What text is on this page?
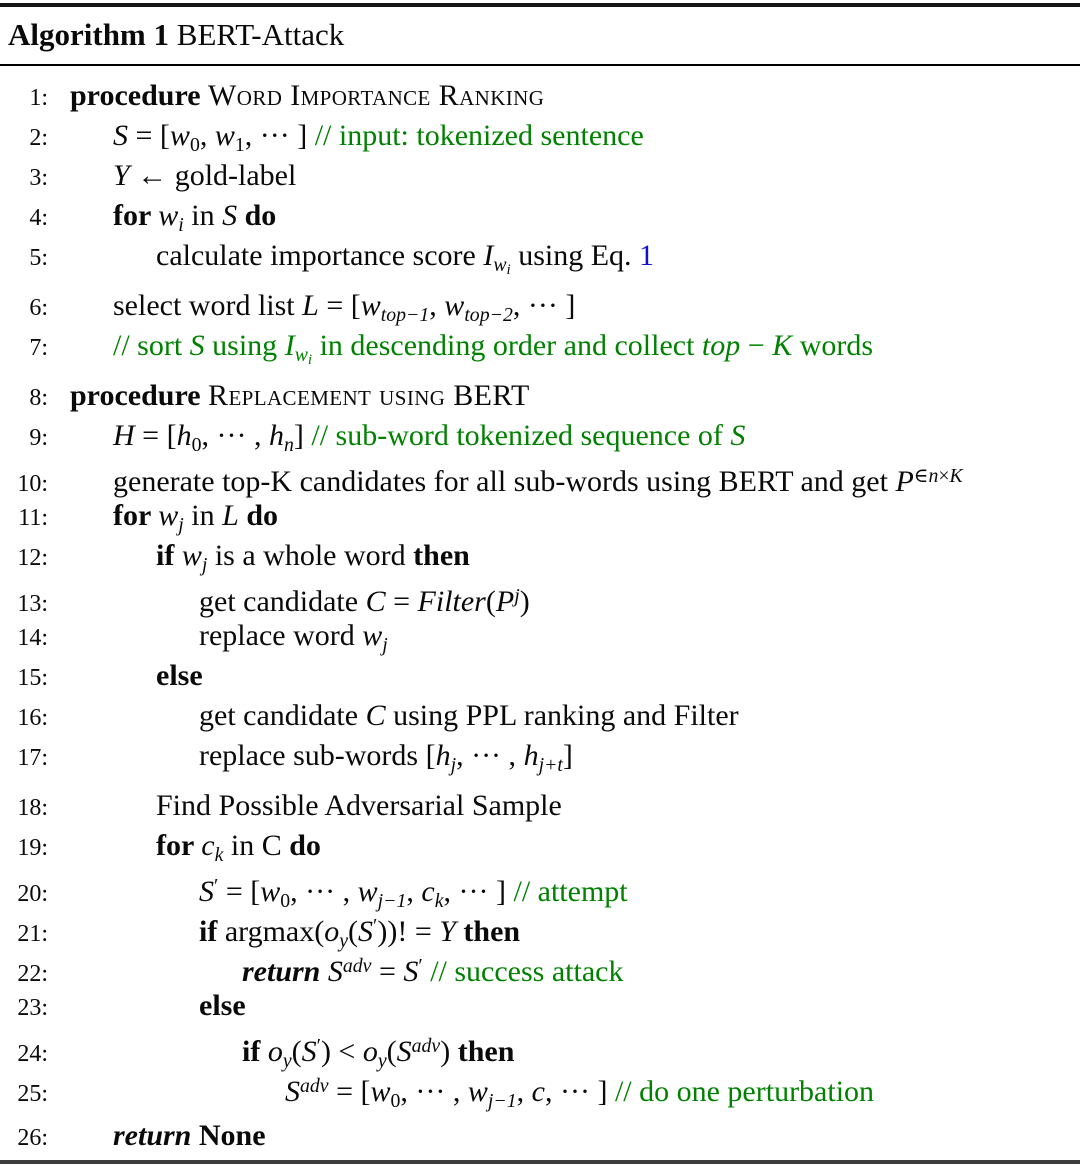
Algorithm 1 BERT-Attack
1: procedure Word Importance Ranking
2: S = [w0, w1, ··· ] // input: tokenized sentence
3: Y ← gold-label
4: for wi in S do
5:	calculate importance score $Iw_i$ using Eq. 1
6: select word list L = [wtop−1, wtop−2, ··· ]
7: // sort S using $Iw_i$ in descending order and collect top − K words
8: procedure Replacement using BERT
9: H = [h0, ··· , hn] // sub-word tokenized sequence of S
10: generate top-K candidates for all sub-words using BERT and get $P^{\in n\times K}$
11: for wj in L do
12:	if wj is a whole word then
13:	get candidate $C = Filter(P^j)$
14:	replace word wj
15:	else
16:	get candidate C using PPL ranking and Filter
17:	replace sub-words [hj, ··· , hj+t]
18:	Find Possible Adversarial Sample
19:	for ck in C do
20:	S′ = [w0, ··· , wj−1, ck, ··· ] // attempt
21:	if argmax(oy(S′))! = Y then
22:	return $S^{adv} = S'$ // success attack
23:	else
24:	if $oy(S') < oy(S^{adv})$ then
25:	$S^{adv} = [w0$, ··· , wj−1, c, ··· ] // do one perturbation
26: return None
